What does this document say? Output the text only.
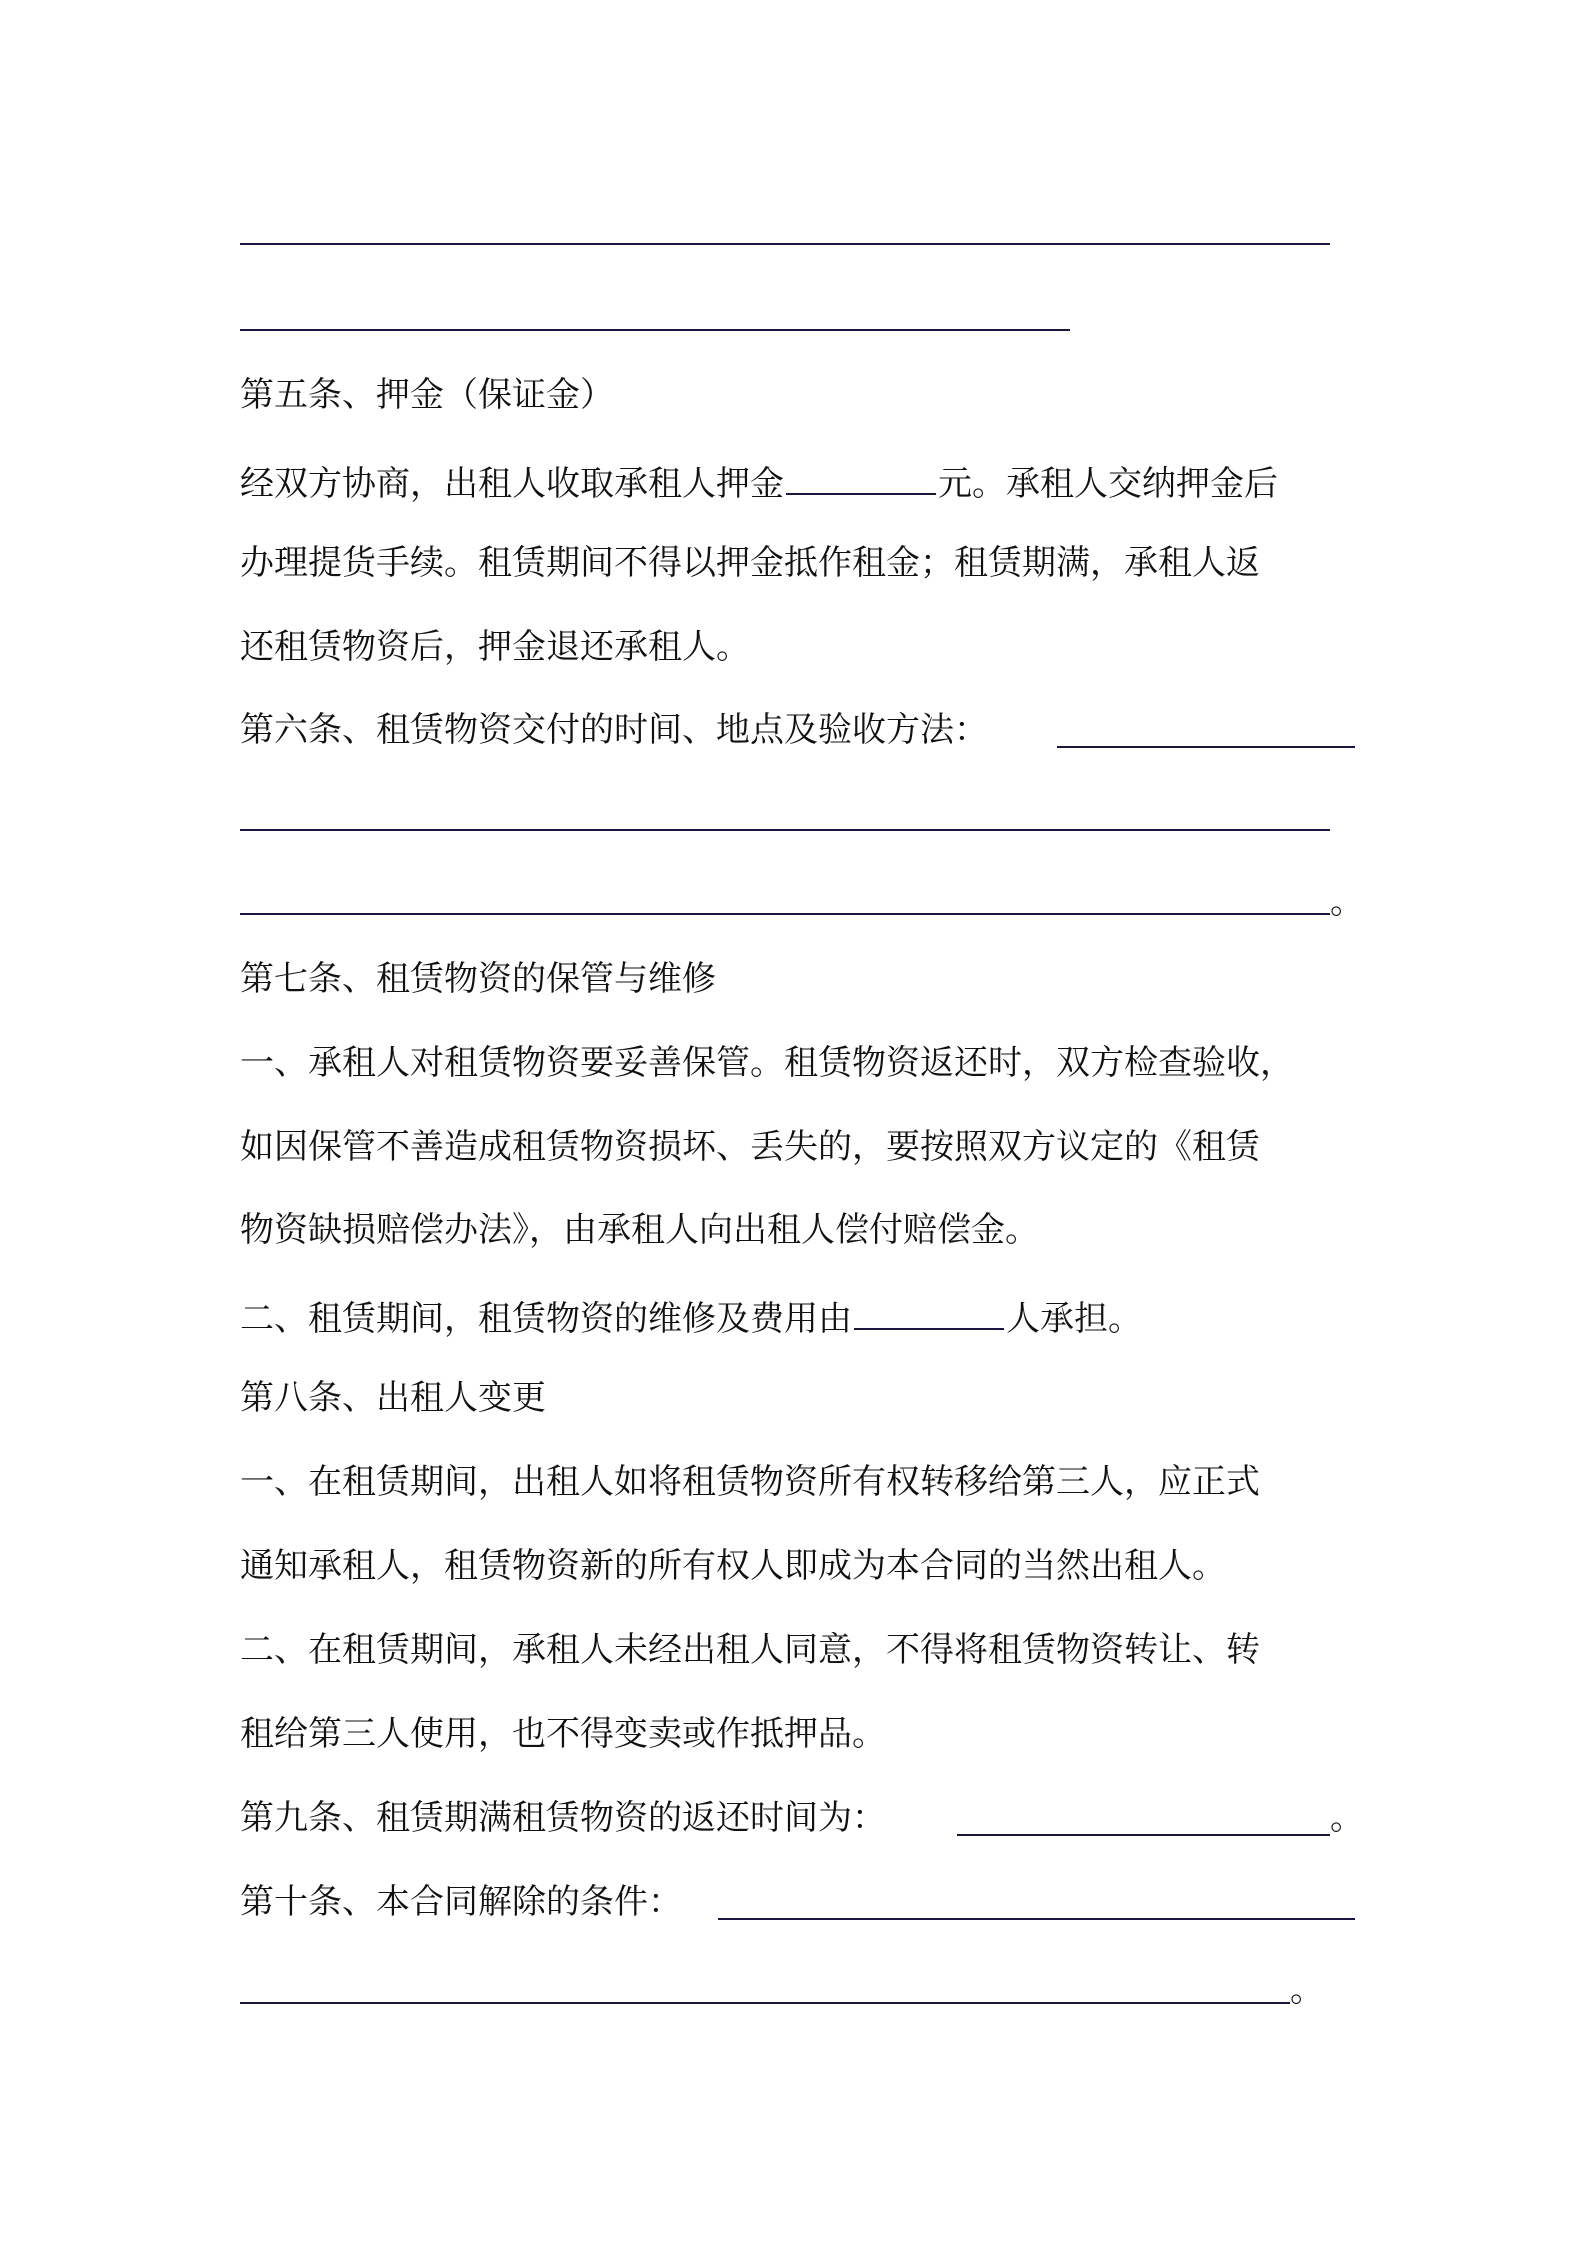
第五条、押金（保证金）
经双方协商，出租人收取承租人押金	元。承租人交纳押金后
办理提货手续。租赁期间不得以押金抵作租金；租赁期满，承租人返
还租赁物资后，押金退还承租人。
第六条、租赁物资交付的时间、地点及验收方法：
。
第七条、租赁物资的保管与维修
一、承租人对租赁物资要妥善保管。租赁物资返还时，双方检查验收，
如因保管不善造成租赁物资损坏、丢失的，要按照双方议定的《租赁
物资缺损赔偿办法》，由承租人向出租人偿付赔偿金。
二、租赁期间，租赁物资的维修及费用由	人承担。
第八条、出租人变更
一、在租赁期间，出租人如将租赁物资所有权转移给第三人，应正式
通知承租人，租赁物资新的所有权人即成为本合同的当然出租人。
二、在租赁期间，承租人未经出租人同意，不得将租赁物资转让、转
租给第三人使用，也不得变卖或作抵押品。
第九条、租赁期满租赁物资的返还时间为：	。
第十条、本合同解除的条件：
。
